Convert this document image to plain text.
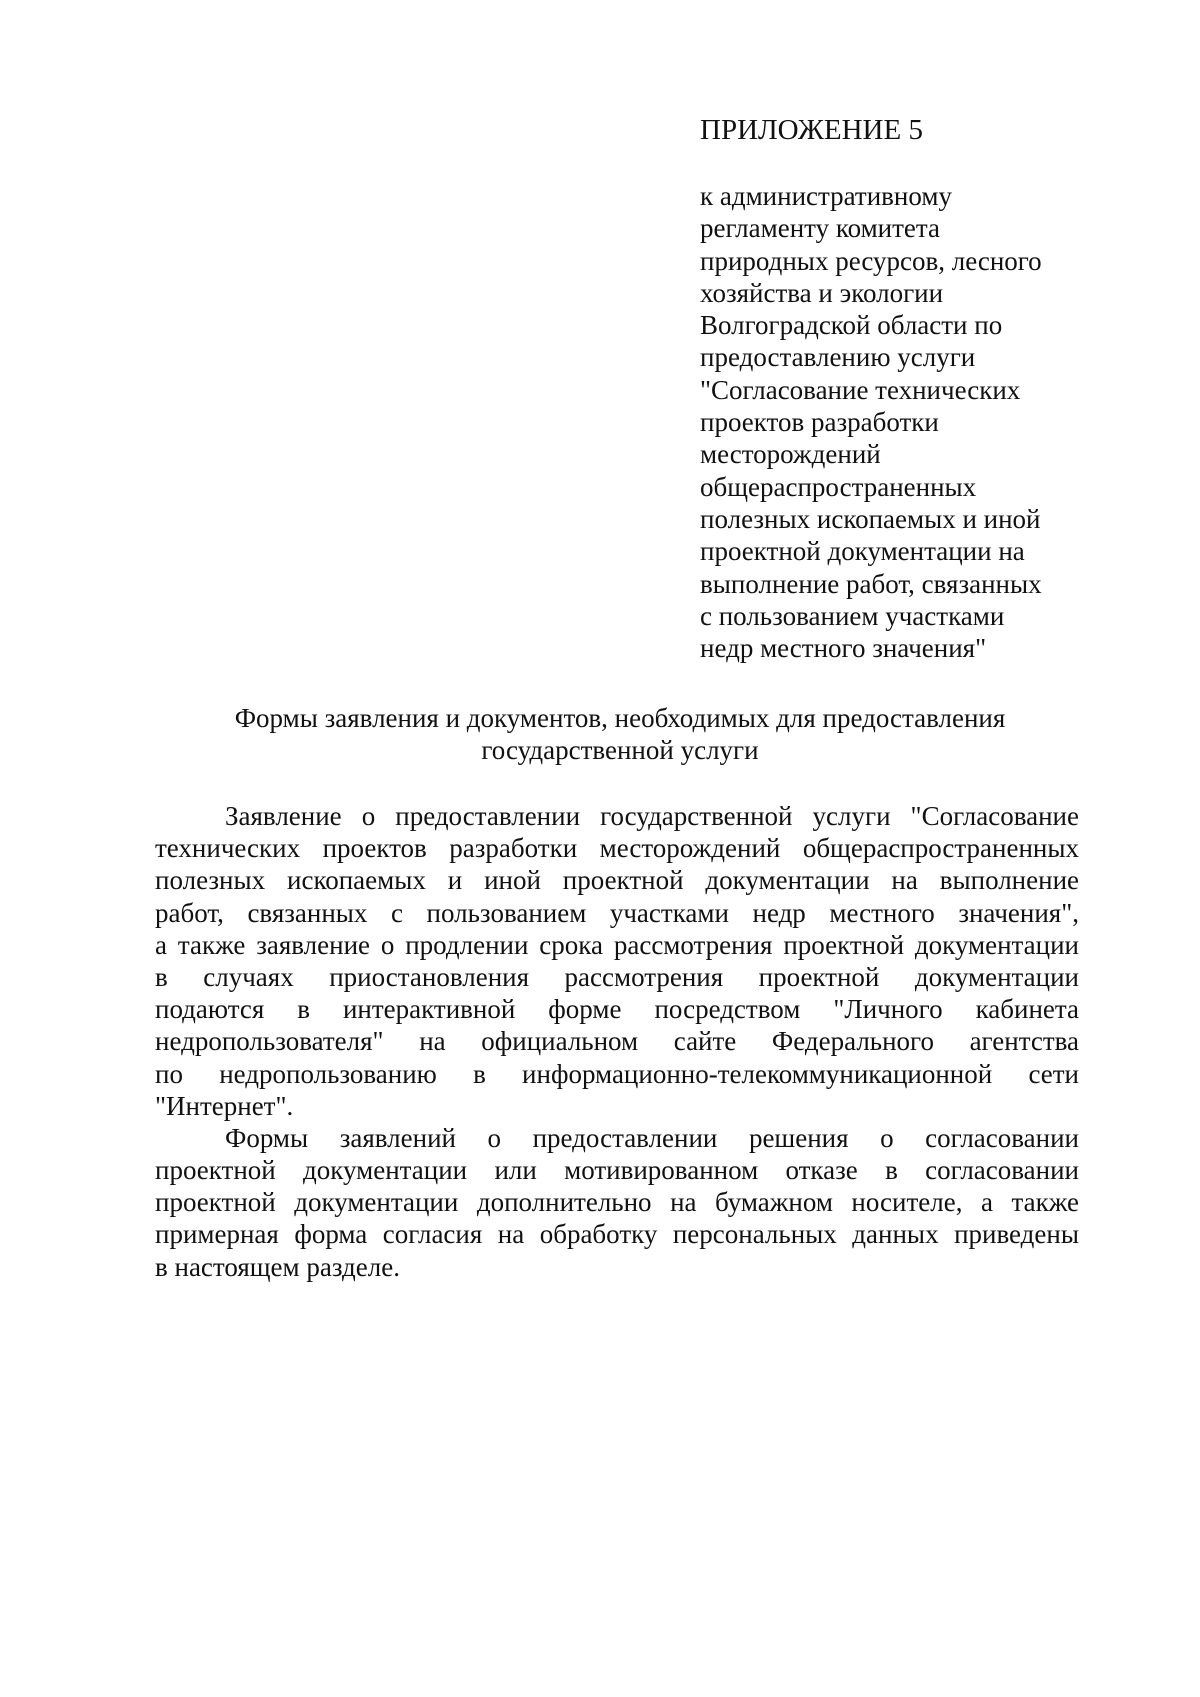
ПРИЛОЖЕНИЕ 5
к административному
регламенту комитета
природных ресурсов, лесного
хозяйства и экологии
Волгоградской области по
предоставлению услуги
"Согласование технических
проектов разработки
месторождений
общераспространенных
полезных ископаемых и иной
проектной документации на
выполнение работ, связанных
с пользованием участками
недр местного значения"
Формы заявления и документов, необходимых для предоставления
государственной услуги
Заявление о предоставлении государственной услуги "Согласование
технических проектов разработки месторождений общераспространенных
полезных ископаемых и иной проектной документации на выполнение
работ, связанных с пользованием участками недр местного значения",
а также заявление о продлении срока рассмотрения проектной документации
в случаях приостановления рассмотрения проектной документации
подаются в интерактивной форме посредством "Личного кабинета
недропользователя" на официальном сайте Федерального агентства
по недропользованию в информационно-телекоммуникационной сети
"Интернет".
Формы заявлений о предоставлении решения о согласовании
проектной документации или мотивированном отказе в согласовании
проектной документации дополнительно на бумажном носителе, а также
примерная форма согласия на обработку персональных данных приведены
в настоящем разделе.
